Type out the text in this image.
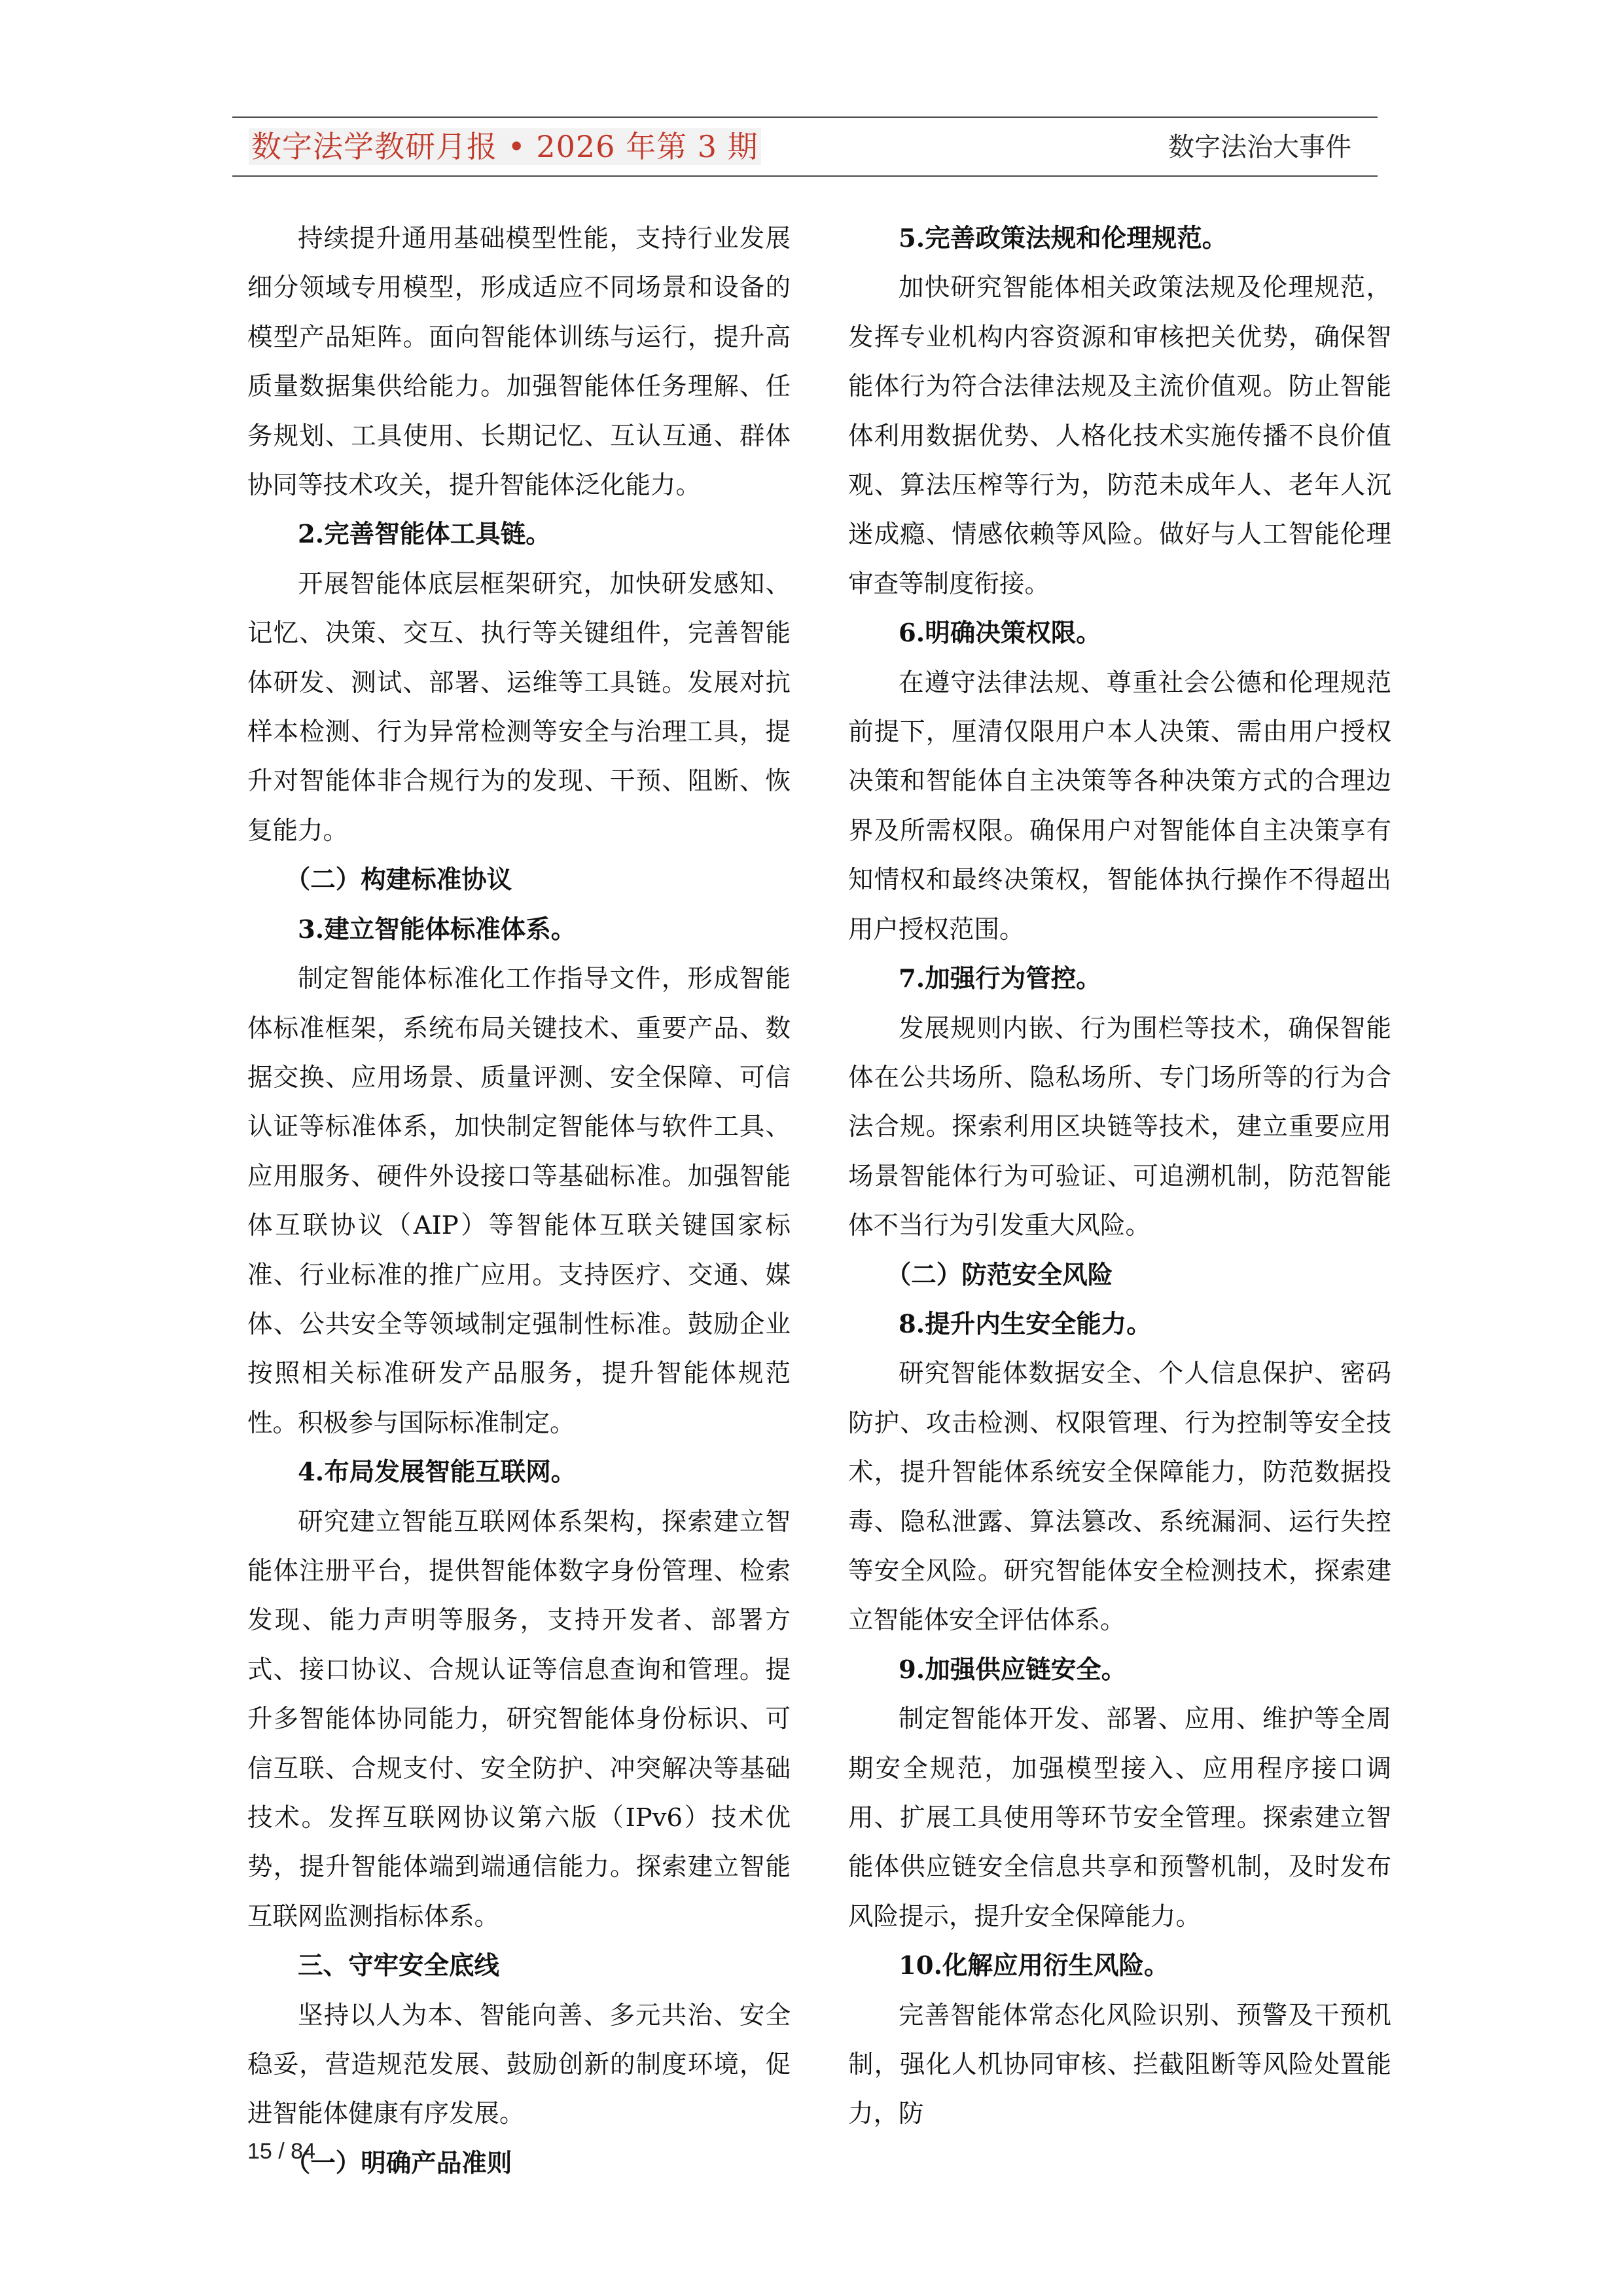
数字法学教研月报 • 2026 年第 3 期	数字法治大事件

持续提升通用基础模型性能，支持行业发展细分领域专用模型，形成适应不同场景和设备的模型产品矩阵。面向智能体训练与运行，提升高质量数据集供给能力。加强智能体任务理解、任务规划、工具使用、长期记忆、互认互通、群体协同等技术攻关，提升智能体泛化能力。

2.完善智能体工具链。

开展智能体底层框架研究，加快研发感知、记忆、决策、交互、执行等关键组件，完善智能体研发、测试、部署、运维等工具链。发展对抗样本检测、行为异常检测等安全与治理工具，提升对智能体非合规行为的发现、干预、阻断、恢复能力。

（二）构建标准协议
3.建立智能体标准体系。

制定智能体标准化工作指导文件，形成智能体标准框架，系统布局关键技术、重要产品、数据交换、应用场景、质量评测、安全保障、可信认证等标准体系，加快制定智能体与软件工具、应用服务、硬件外设接口等基础标准。加强智能体互联协议（AIP）等智能体互联关键国家标准、行业标准的推广应用。支持医疗、交通、媒体、公共安全等领域制定强制性标准。鼓励企业按照相关标准研发产品服务，提升智能体规范性。积极参与国际标准制定。

4.布局发展智能互联网。

研究建立智能互联网体系架构，探索建立智能体注册平台，提供智能体数字身份管理、检索发现、能力声明等服务，支持开发者、部署方式、接口协议、合规认证等信息查询和管理。提升多智能体协同能力，研究智能体身份标识、可信互联、合规支付、安全防护、冲突解决等基础技术。发挥互联网协议第六版（IPv6）技术优势，提升智能体端到端通信能力。探索建立智能互联网监测指标体系。

三、守牢安全底线

坚持以人为本、智能向善、多元共治、安全稳妥，营造规范发展、鼓励创新的制度环境，促进智能体健康有序发展。

（一）明确产品准则
5.完善政策法规和伦理规范。

加快研究智能体相关政策法规及伦理规范，发挥专业机构内容资源和审核把关优势，确保智能体行为符合法律法规及主流价值观。防止智能体利用数据优势、人格化技术实施传播不良价值观、算法压榨等行为，防范未成年人、老年人沉迷成瘾、情感依赖等风险。做好与人工智能伦理审查等制度衔接。

6.明确决策权限。

在遵守法律法规、尊重社会公德和伦理规范前提下，厘清仅限用户本人决策、需由用户授权决策和智能体自主决策等各种决策方式的合理边界及所需权限。确保用户对智能体自主决策享有知情权和最终决策权，智能体执行操作不得超出用户授权范围。

7.加强行为管控。

发展规则内嵌、行为围栏等技术，确保智能体在公共场所、隐私场所、专门场所等的行为合法合规。探索利用区块链等技术，建立重要应用场景智能体行为可验证、可追溯机制，防范智能体不当行为引发重大风险。

（二）防范安全风险
8.提升内生安全能力。

研究智能体数据安全、个人信息保护、密码防护、攻击检测、权限管理、行为控制等安全技术，提升智能体系统安全保障能力，防范数据投毒、隐私泄露、算法篡改、系统漏洞、运行失控等安全风险。研究智能体安全检测技术，探索建立智能体安全评估体系。

9.加强供应链安全。

制定智能体开发、部署、应用、维护等全周期安全规范，加强模型接入、应用程序接口调用、扩展工具使用等环节安全管理。探索建立智能体供应链安全信息共享和预警机制，及时发布风险提示，提升安全保障能力。

10.化解应用衍生风险。

完善智能体常态化风险识别、预警及干预机制，强化人机协同审核、拦截阻断等风险处置能力，防

15 / 84
